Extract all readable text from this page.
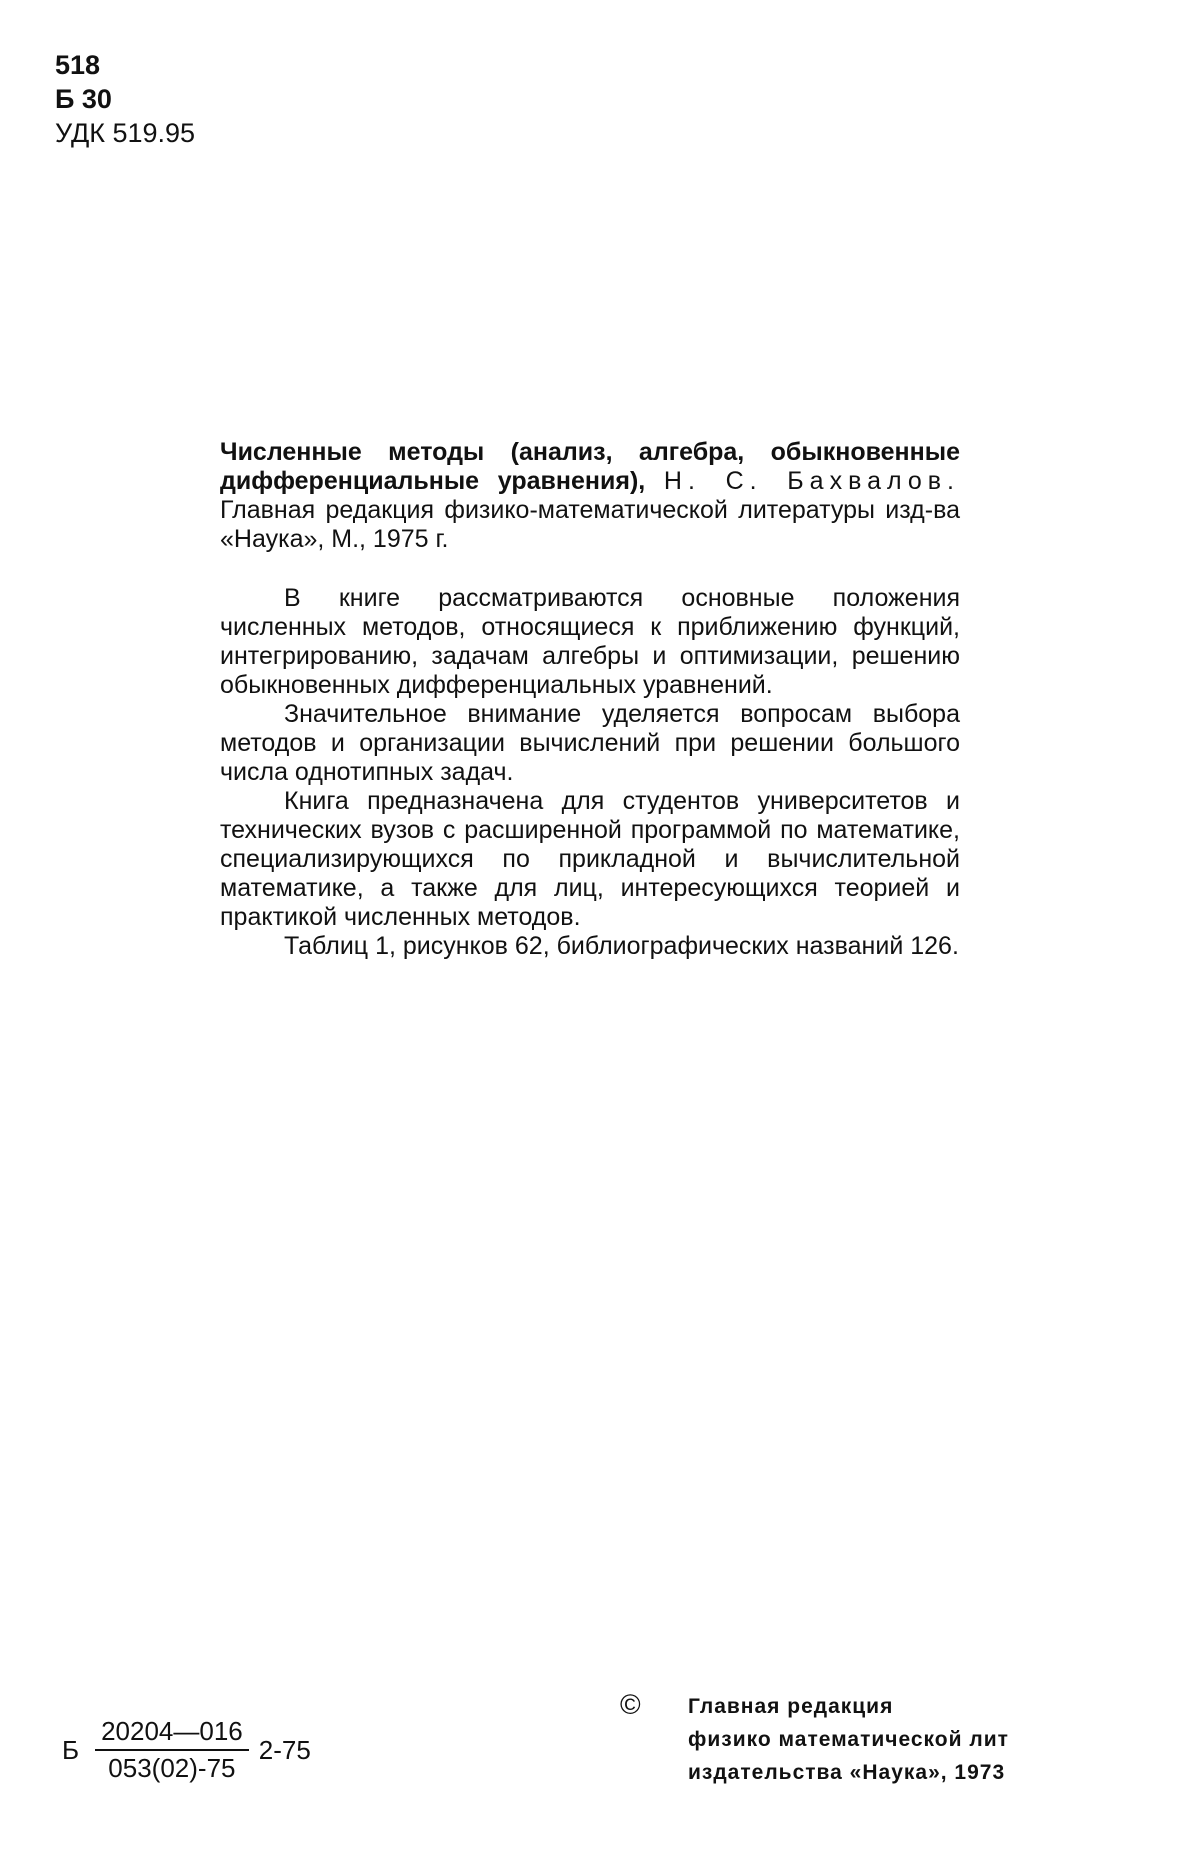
518
Б 30
УДК 519.95

Численные методы (анализ, алгебра, обыкновенные дифференциальные уравнения), Н. С. Бахвалов. Главная редакция физико-математической литературы изд-ва «Наука», М., 1975 г.

В книге рассматриваются основные положения численных методов, относящиеся к приближению функций, интегрированию, задачам алгебры и оптимизации, решению обыкновенных дифференциальных уравнений.

Значительное внимание уделяется вопросам выбора методов и организации вычислений при решении большого числа однотипных задач.

Книга предназначена для студентов университетов и технических вузов с расширенной программой по математике, специализирующихся по прикладной и вычислительной математике, а также для лиц, интересующихся теорией и практикой численных методов.

Таблиц 1, рисунков 62, библиографических названий 126.

Б $\frac{20204—016}{053(02)-75} 2-75$
©	Главная редакция
физико математической лит
издательства «Наука», 1973
